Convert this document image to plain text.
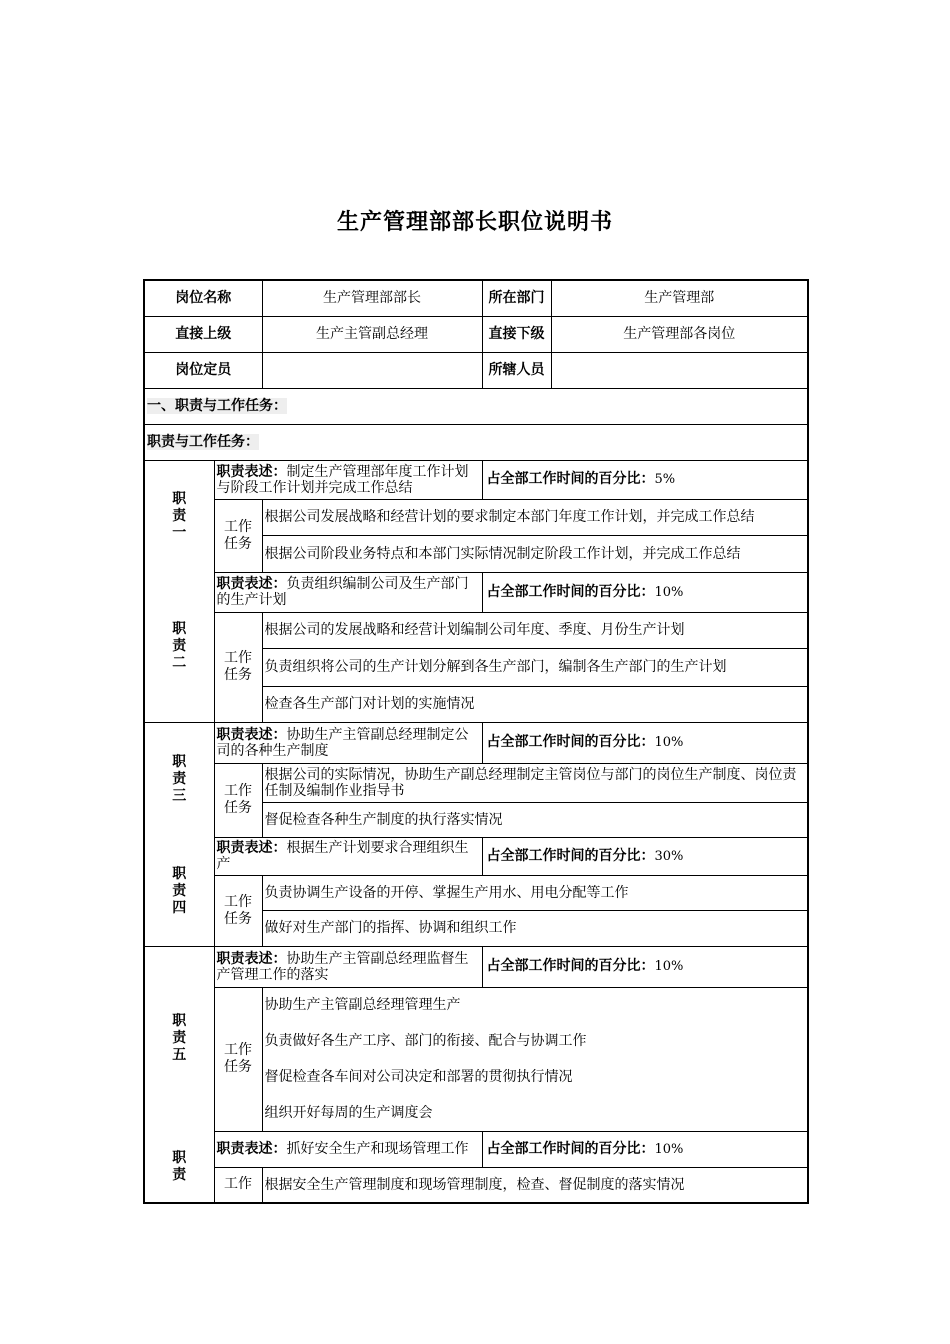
生产管理部部长职位说明书
岗位名称		生产管理部部长	所在部门	生产管理部
直接上级		生产主管副总经理	直接下级	生产管理部各岗位
岗位定员			所辖人员	
一、职责与工作任务：				
职责与工作任务：				

职
责
一	职责表述：制定生产管理部年度工作计划与阶段工作计划并完成工作总结		占全部工作时间的百分比：5%	

	工作
任务	根据公司发展战略和经营计划的要求制定本部门年度工作计划，并完成工作总结		
		根据公司阶段业务特点和本部门实际情况制定阶段工作计划，并完成工作总结		

职
责
二	职责表述：负责组织编制公司及生产部门的生产计划		占全部工作时间的百分比：10%	

	工作
任务	根据公司的发展战略和经营计划编制公司年度、季度、月份生产计划		
		负责组织将公司的生产计划分解到各生产部门，编制各生产部门的生产计划		
		检查各生产部门对计划的实施情况		

职
责
三	职责表述：协助生产主管副总经理制定公司的各种生产制度		占全部工作时间的百分比：10%	

	工作
任务	根据公司的实际情况，协助生产副总经理制定主管岗位与部门的岗位生产制度、岗位责任制及编制作业指导书		
		督促检查各种生产制度的执行落实情况		

职
责
四	职责表述：根据生产计划要求合理组织生产		占全部工作时间的百分比：30%	

	工作
任务	负责协调生产设备的开停、掌握生产用水、用电分配等工作		
		做好对生产部门的指挥、协调和组织工作		

职
责
五	职责表述：协助生产主管副总经理监督生产管理工作的落实		占全部工作时间的百分比：10%	

	工作
任务	协助生产主管副总经理管理生产		
		负责做好各生产工序、部门的衔接、配合与协调工作		
		督促检查各车间对公司决定和部署的贯彻执行情况		
		组织开好每周的生产调度会		

职
责	职责表述：抓好安全生产和现场管理工作		占全部工作时间的百分比：10%	

	工作	根据安全生产管理制度和现场管理制度，检查、督促制度的落实情况		
